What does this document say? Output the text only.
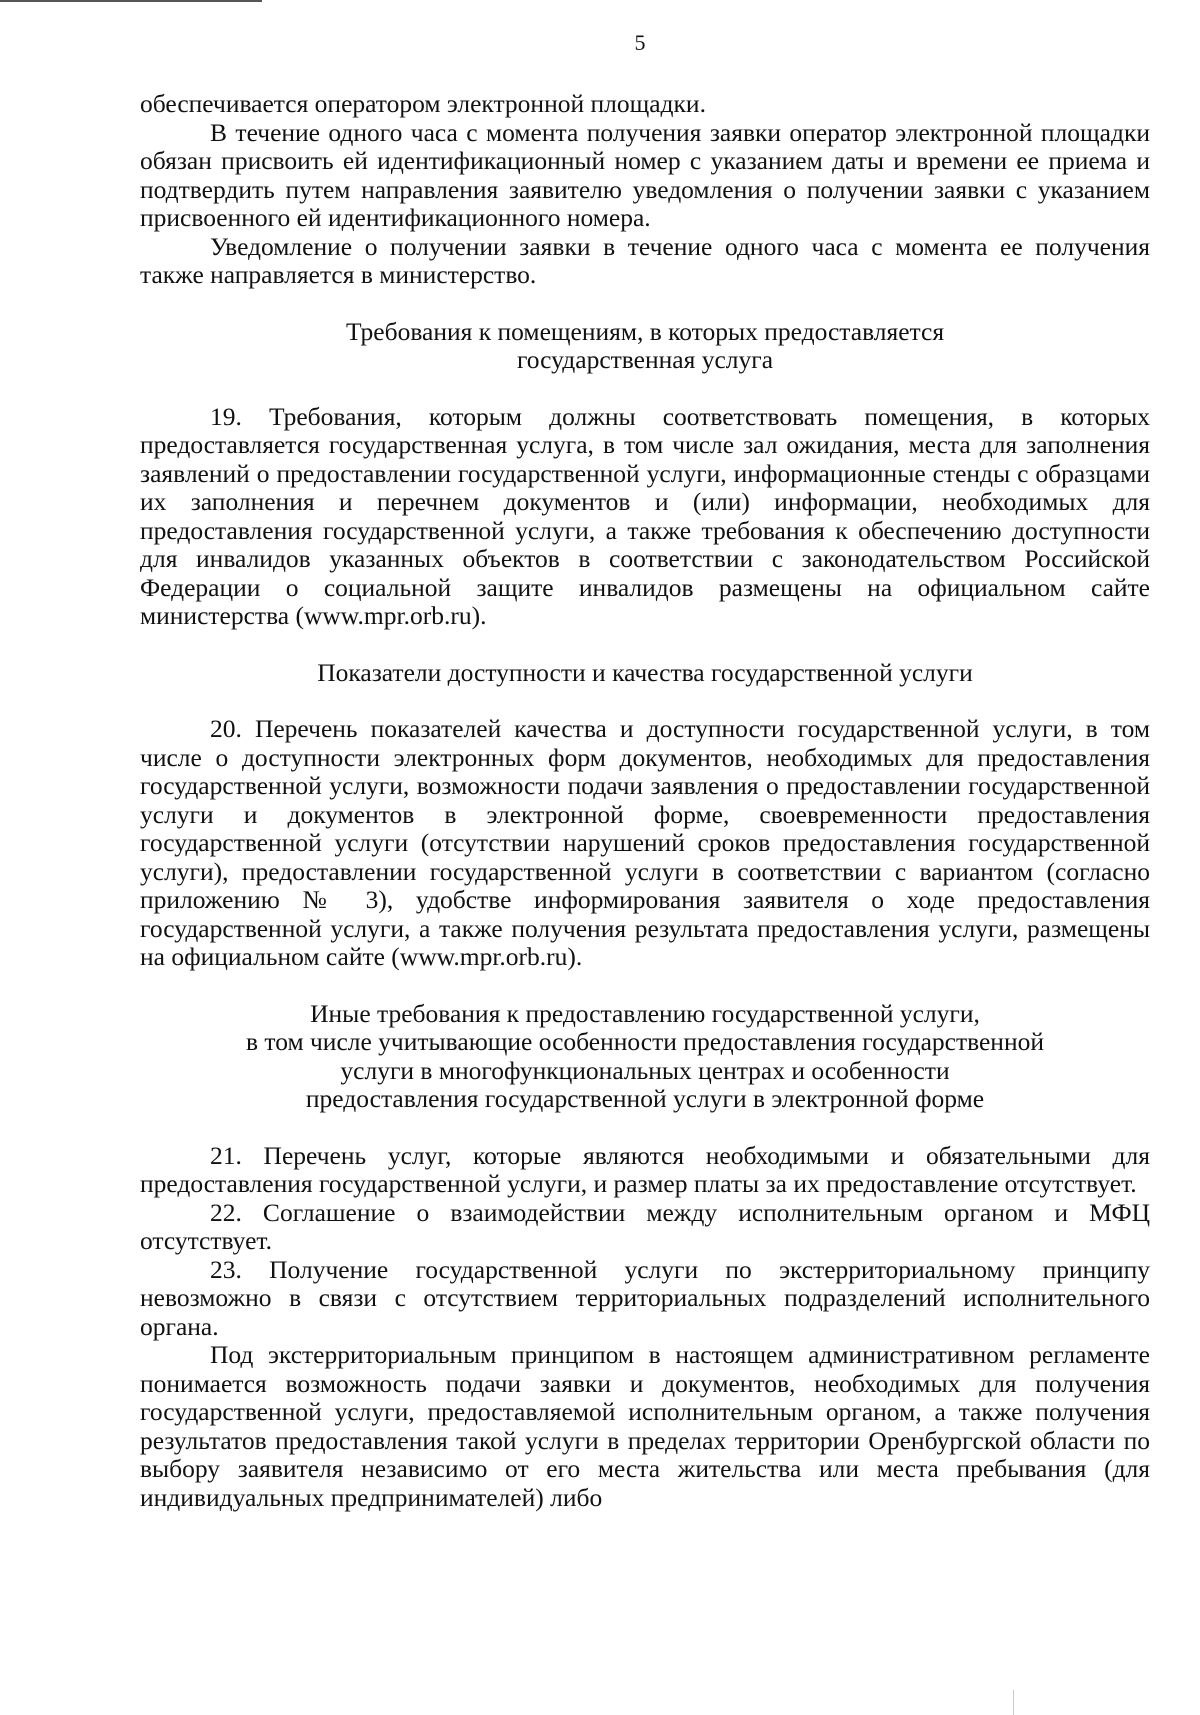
5

обеспечивается оператором электронной площадки.

В течение одного часа с момента получения заявки оператор электронной площадки обязан присвоить ей идентификационный номер с указанием даты и времени ее приема и подтвердить путем направления заявителю уведомления о получении заявки с указанием присвоенного ей идентификационного номера.

Уведомление о получении заявки в течение одного часа с момента ее получения также направляется в министерство.

Требования к помещениям, в которых предоставляется
государственная услуга

19. Требования, которым должны соответствовать помещения, в которых предоставляется государственная услуга, в том числе зал ожидания, места для заполнения заявлений о предоставлении государственной услуги, информационные стенды с образцами их заполнения и перечнем документов и (или) информации, необходимых для предоставления государственной услуги, а также требования к обеспечению доступности для инвалидов указанных объектов в соответствии с законодательством Российской Федерации о социальной защите инвалидов размещены на официальном сайте министерства (www.mpr.orb.ru).

Показатели доступности и качества государственной услуги

20. Перечень показателей качества и доступности государственной услуги, в том числе о доступности электронных форм документов, необходимых для предоставления государственной услуги, возможности подачи заявления о предоставлении государственной услуги и документов в электронной форме, своевременности предоставления государственной услуги (отсутствии нарушений сроков предоставления государственной услуги), предоставлении государственной услуги в соответствии с вариантом (согласно приложению № 3), удобстве информирования заявителя о ходе предоставления государственной услуги, а также получения результата предоставления услуги, размещены на официальном сайте (www.mpr.orb.ru).

Иные требования к предоставлению государственной услуги,
в том числе учитывающие особенности предоставления государственной
услуги в многофункциональных центрах и особенности
предоставления государственной услуги в электронной форме

21. Перечень услуг, которые являются необходимыми и обязательными для предоставления государственной услуги, и размер платы за их предоставление отсутствует.

22. Соглашение о взаимодействии между исполнительным органом и МФЦ отсутствует.

23. Получение государственной услуги по экстерриториальному принципу невозможно в связи с отсутствием территориальных подразделений исполнительного органа.

Под экстерриториальным принципом в настоящем административном регламенте понимается возможность подачи заявки и документов, необходимых для получения государственной услуги, предоставляемой исполнительным органом, а также получения результатов предоставления такой услуги в пределах территории Оренбургской области по выбору заявителя независимо от его места жительства или места пребывания (для индивидуальных предпринимателей) либо
